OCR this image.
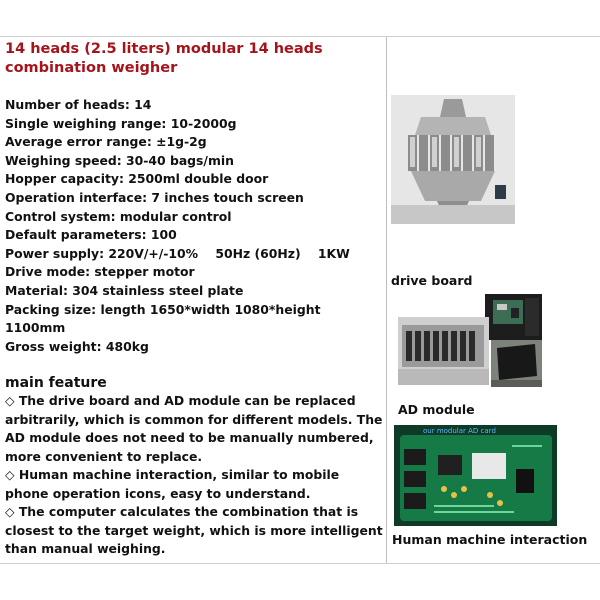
14 heads (2.5 liters) modular 14 heads combination weigher
Number of heads: 14
Single weighing range: 10-2000g
Average error range: ±1g-2g
Weighing speed: 30-40 bags/min
Hopper capacity: 2500ml double door
Operation interface: 7 inches touch screen
Control system: modular control
Default parameters: 100
Power supply: 220V/+/-10%    50Hz (60Hz)    1KW
Drive mode: stepper motor
Material: 304 stainless steel plate
Packing size: length 1650*width 1080*height 1100mm
Gross weight: 480kg
main feature
◇ The drive board and AD module can be replaced arbitrarily, which is common for different models. The AD module does not need to be manually numbered, more convenient to replace.
◇ Human machine interaction, similar to mobile phone operation icons, easy to understand.
◇ The computer calculates the combination that is closest to the target weight, which is more intelligent than manual weighing.
drive board
AD module
our modular AD card
Human machine interaction
